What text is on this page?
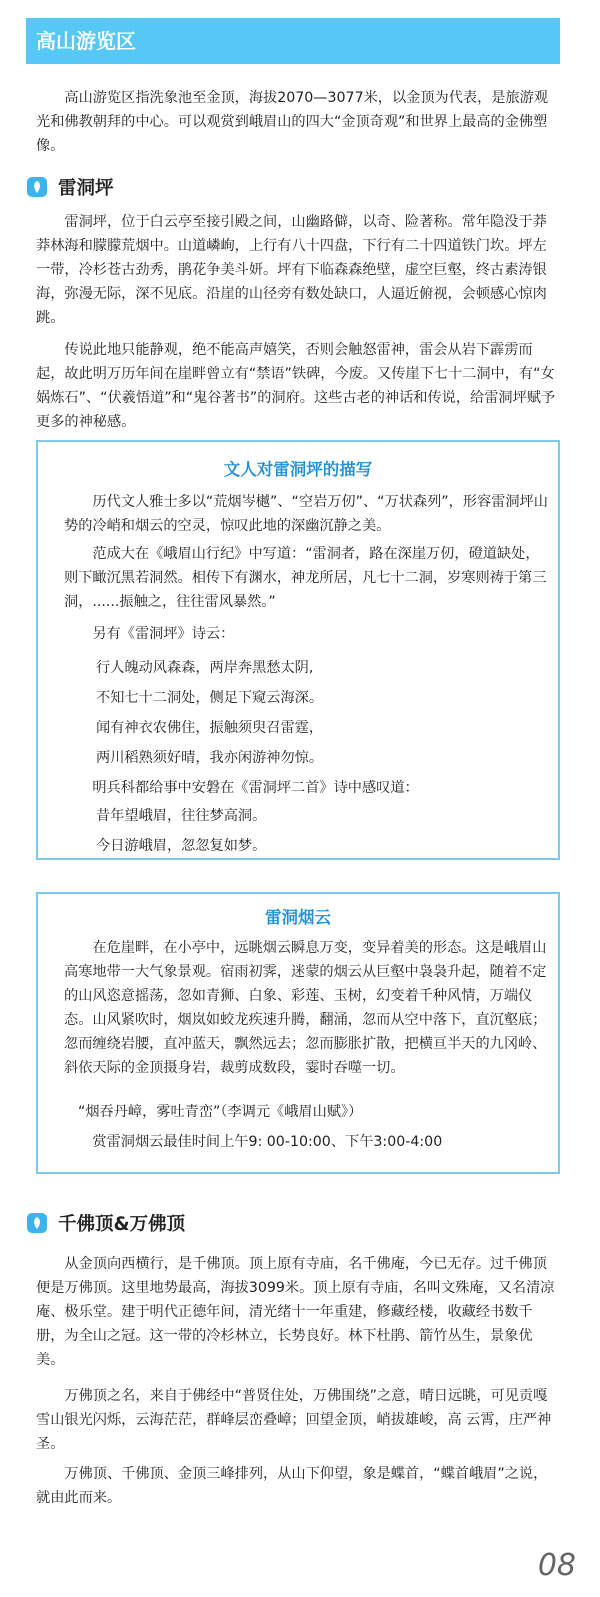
高山游览区

高山游览区指洗象池至金顶，海拔2070—3077米，以金顶为代表，是旅游观光和佛教朝拜的中心。可以观赏到峨眉山的四大“金顶奇观”和世界上最高的金佛塑像。

雷洞坪

雷洞坪，位于白云亭至接引殿之间，山幽路僻，以奇、险著称。常年隐没于莽莽林海和朦朦荒烟中。山道嶙峋，上行有八十四盘，下行有二十四道铁门坎。坪左一带，冷杉苍古劲秀，鹃花争美斗妍。坪有下临森森绝壁，虚空巨壑，终古素涛银海，弥漫无际，深不见底。沿崖的山径旁有数处缺口，人逼近俯视，会顿感心惊肉跳。

传说此地只能静观，绝不能高声嬉笑，否则会触怒雷神，雷会从岩下霹雳而起，故此明万历年间在崖畔曾立有“禁语”铁碑，今废。又传崖下七十二洞中，有“女娲炼石”、“伏羲悟道”和“鬼谷著书”的洞府。这些古老的神话和传说，给雷洞坪赋予更多的神秘感。

文人对雷洞坪的描写

历代文人雅士多以“荒烟岑樾”、“空岩万仞”、“万状森列”，形容雷洞坪山势的冷峭和烟云的空灵，惊叹此地的深幽沉静之美。

范成大在《峨眉山行纪》中写道：“雷洞者，路在深崖万仞，磴道缺处，则下瞰沉黑若洞然。相传下有渊水，神龙所居，凡七十二洞，岁寒则祷于第三洞，......振触之，往往雷风暴然。”

另有《雷洞坪》诗云：

行人魄动风森森，两岸奔黑愁太阴,

不知七十二洞处，侧足下窥云海深。

闻有神衣农佛住，振触须臾召雷霆，

两川稻熟须好晴，我亦闲游神勿惊。

明兵科都给事中安磐在《雷洞坪二首》诗中感叹道：

昔年望峨眉，往往梦高洞。

今日游峨眉，忽忽复如梦。

雷洞烟云

在危崖畔，在小亭中，远眺烟云瞬息万变，变异着美的形态。这是峨眉山高寒地带一大气象景观。宿雨初霁，迷蒙的烟云从巨壑中袅袅升起，随着不定的山风恣意摇荡，忽如青狮、白象、彩莲、玉树，幻变着千种风情，万端仪态。山风紧吹时，烟岚如蛟龙疾速升腾，翻涌，忽而从空中落下，直沉壑底；忽而缠绕岩腰，直冲蓝天，飘然远去；忽而膨胀扩散，把横亘半天的九冈岭、斜依天际的金顶摄身岩，裁剪成数段，霎时吞噬一切。

“烟吞丹嶂，雾吐青峦”（李调元《峨眉山赋》）

赏雷洞烟云最佳时间上午9: 00-10:00、下午3:00-4:00

千佛顶&万佛顶

从金顶向西横行，是千佛顶。顶上原有寺庙，名千佛庵，今已无存。过千佛顶便是万佛顶。这里地势最高，海拔3099米。顶上原有寺庙，名叫文殊庵，又名清凉庵、极乐堂。建于明代正德年间，清光绪十一年重建，修藏经楼，收藏经书数千册，为全山之冠。这一带的冷杉林立，长势良好。林下杜鹃、箭竹丛生，景象优美。

万佛顶之名，来自于佛经中“普贤住处，万佛围绕”之意，晴日远眺，可见贡嘎雪山银光闪烁，云海茫茫，群峰层峦叠嶂；回望金顶，峭拔雄峻，高 云霄，庄严神圣。

万佛顶、千佛顶、金顶三峰排列，从山下仰望，象是蝶首，“蝶首峨眉”之说，就由此而来。

08
